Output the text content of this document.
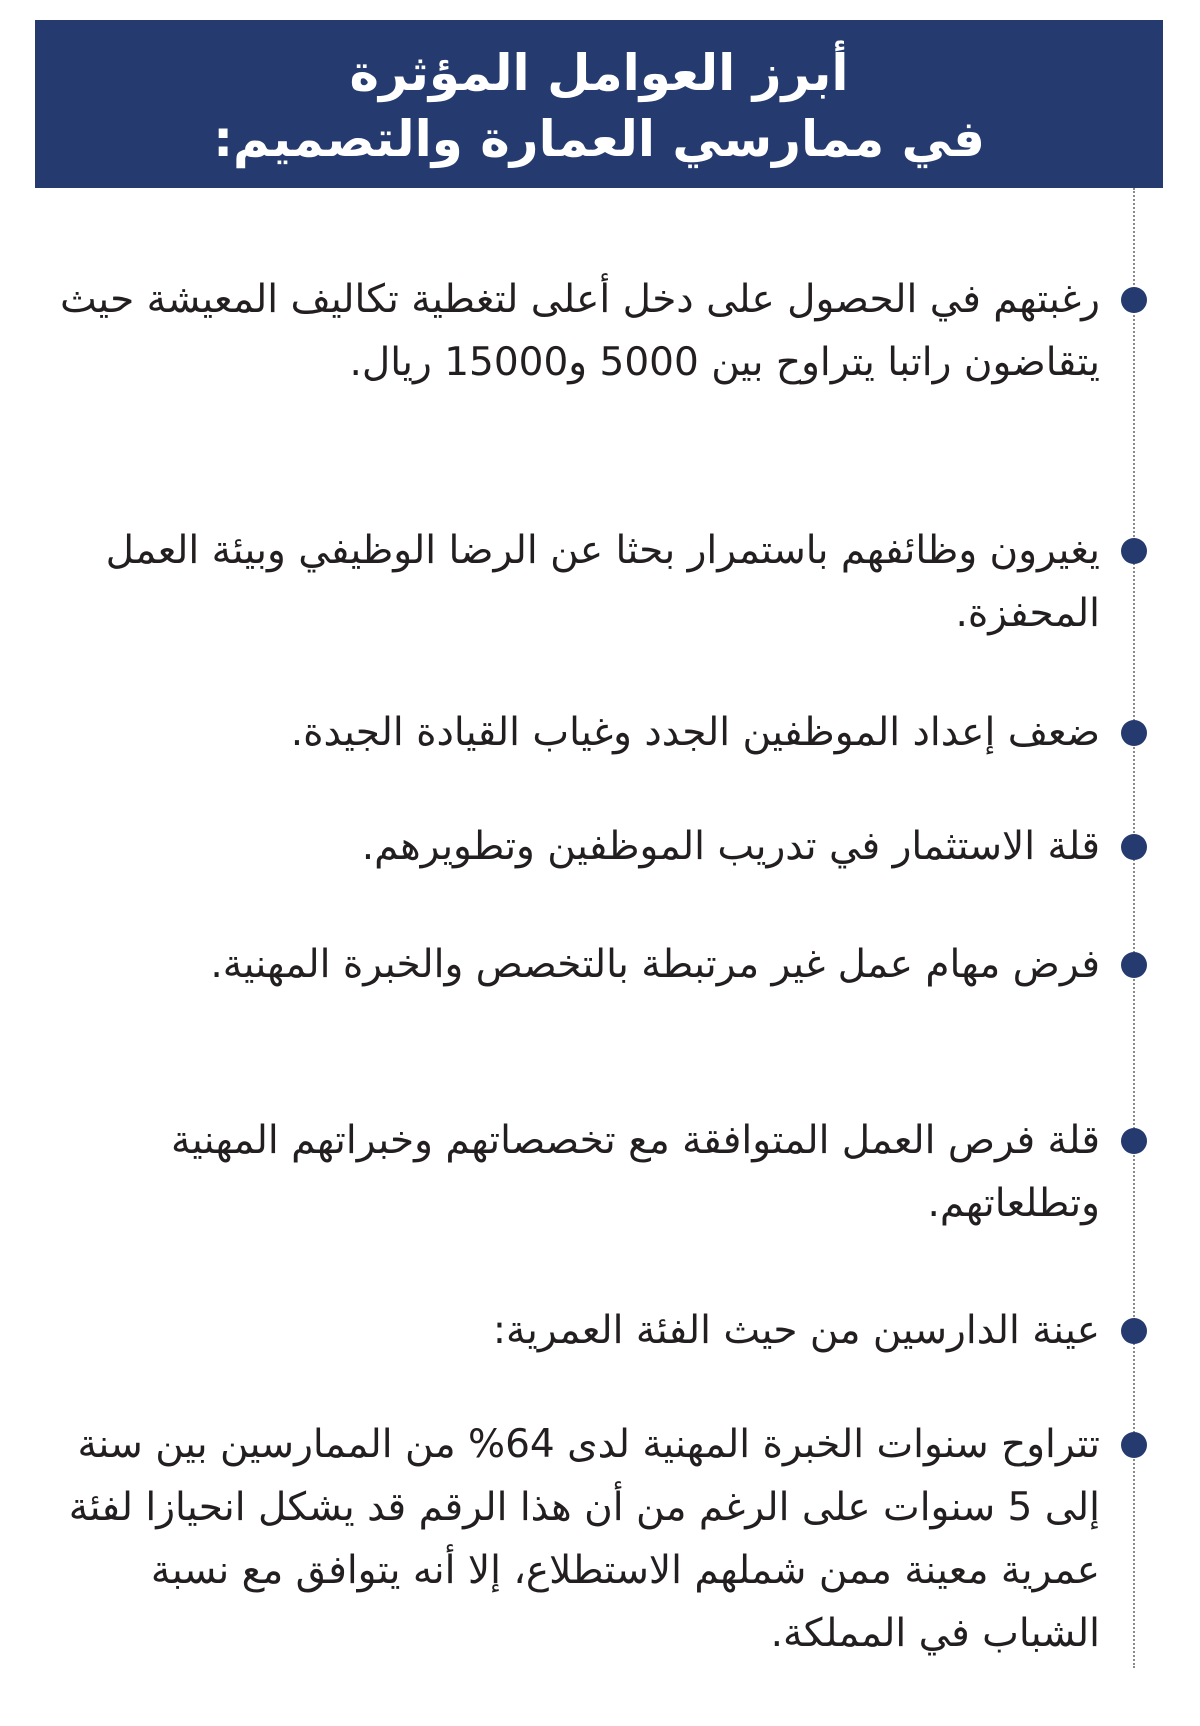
أبرز العوامل المؤثرة
في ممارسي العمارة والتصميم:
رغبتهم في الحصول على دخل أعلى لتغطية تكاليف المعيشة حيث يتقاضون راتبا يتراوح بين 5000 و15000 ريال.
يغيرون وظائفهم باستمرار بحثا عن الرضا الوظيفي وبيئة العمل المحفزة.
ضعف إعداد الموظفين الجدد وغياب القيادة الجيدة.
قلة الاستثمار في تدريب الموظفين وتطويرهم.
فرض مهام عمل غير مرتبطة بالتخصص والخبرة المهنية.
قلة فرص العمل المتوافقة مع تخصصاتهم وخبراتهم المهنية وتطلعاتهم.
عينة الدارسين من حيث الفئة العمرية:
تتراوح سنوات الخبرة المهنية لدى 64% من الممارسين بين سنة إلى 5 سنوات على الرغم من أن هذا الرقم قد يشكل انحيازا لفئة عمرية معينة ممن شملهم الاستطلاع، إلا أنه يتوافق مع نسبة الشباب في المملكة.
